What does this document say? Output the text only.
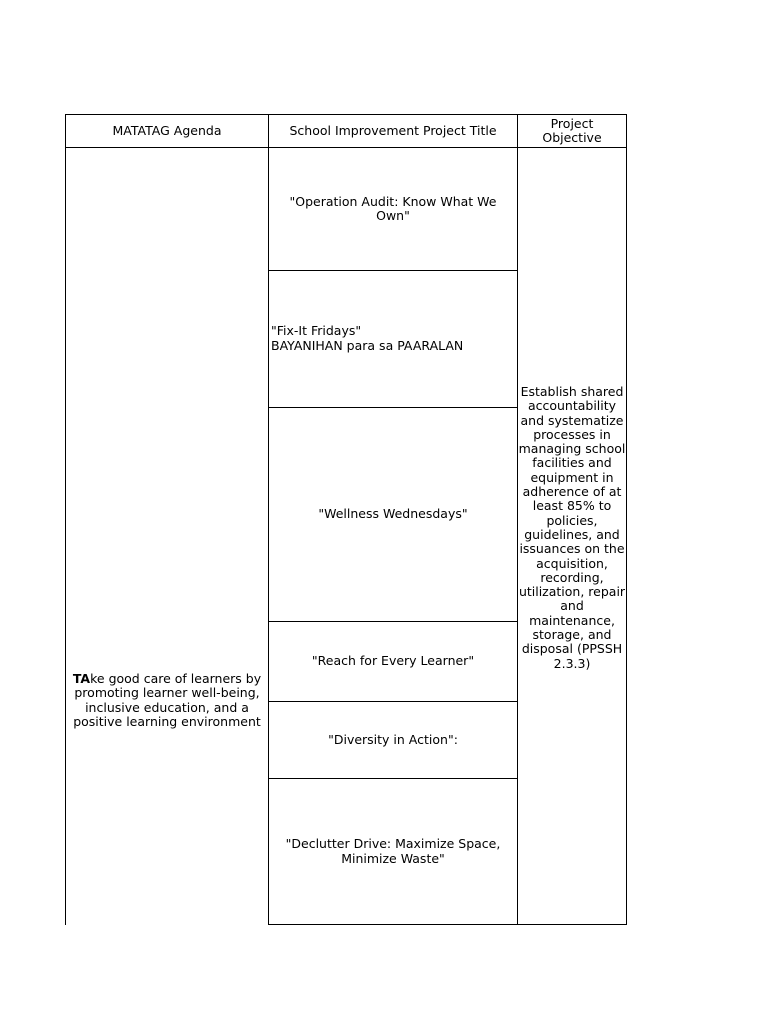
MATATAG Agenda	School Improvement Project Title	Project
Objective
TAke good care of learners by promoting learner well-being, inclusive education, and a positive learning environment
"Operation Audit: Know What We Own"
"Fix-It Fridays"
BAYANIHAN para sa PAARALAN
"Wellness Wednesdays"
"Reach for Every Learner"
"Diversity in Action":
"Declutter Drive: Maximize Space, Minimize Waste"
Establish shared accountability and systematize processes in managing school facilities and equipment in adherence of at least 85% to policies, guidelines, and issuances on the acquisition, recording, utilization, repair and maintenance, storage, and disposal (PPSSH 2.3.3)
